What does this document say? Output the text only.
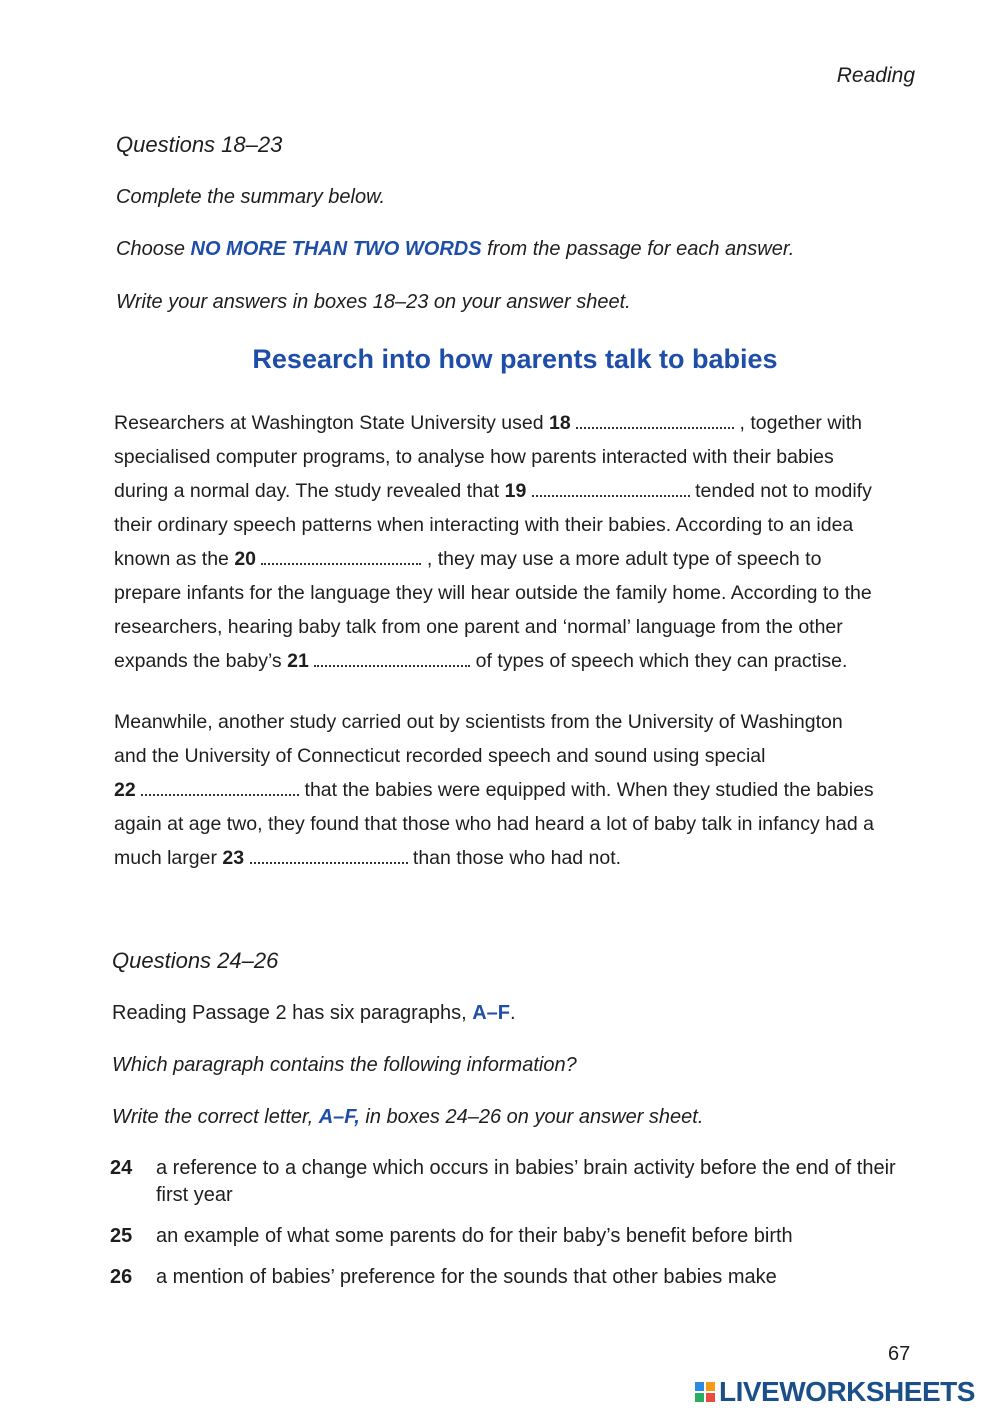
Reading
Questions 18–23
Complete the summary below.
Choose NO MORE THAN TWO WORDS from the passage for each answer.
Write your answers in boxes 18–23 on your answer sheet.
Research into how parents talk to babies
Researchers at Washington State University used 18	, together with
specialised computer programs, to analyse how parents interacted with their babies
during a normal day. The study revealed that 19	tended not to modify
their ordinary speech patterns when interacting with their babies. According to an idea
known as the 20	, they may use a more adult type of speech to
prepare infants for the language they will hear outside the family home. According to the
researchers, hearing baby talk from one parent and ‘normal’ language from the other
expands the baby’s 21	of types of speech which they can practise.
Meanwhile, another study carried out by scientists from the University of Washington
and the University of Connecticut recorded speech and sound using special
22	that the babies were equipped with. When they studied the babies
again at age two, they found that those who had heard a lot of baby talk in infancy had a
much larger 23	than those who had not.
Questions 24–26
Reading Passage 2 has six paragraphs, A–F.
Which paragraph contains the following information?
Write the correct letter, A–F, in boxes 24–26 on your answer sheet.
24	a reference to a change which occurs in babies’ brain activity before the end of their first year
25	an example of what some parents do for their baby’s benefit before birth
26	a mention of babies’ preference for the sounds that other babies make
67
LIVEWORKSHEETS
